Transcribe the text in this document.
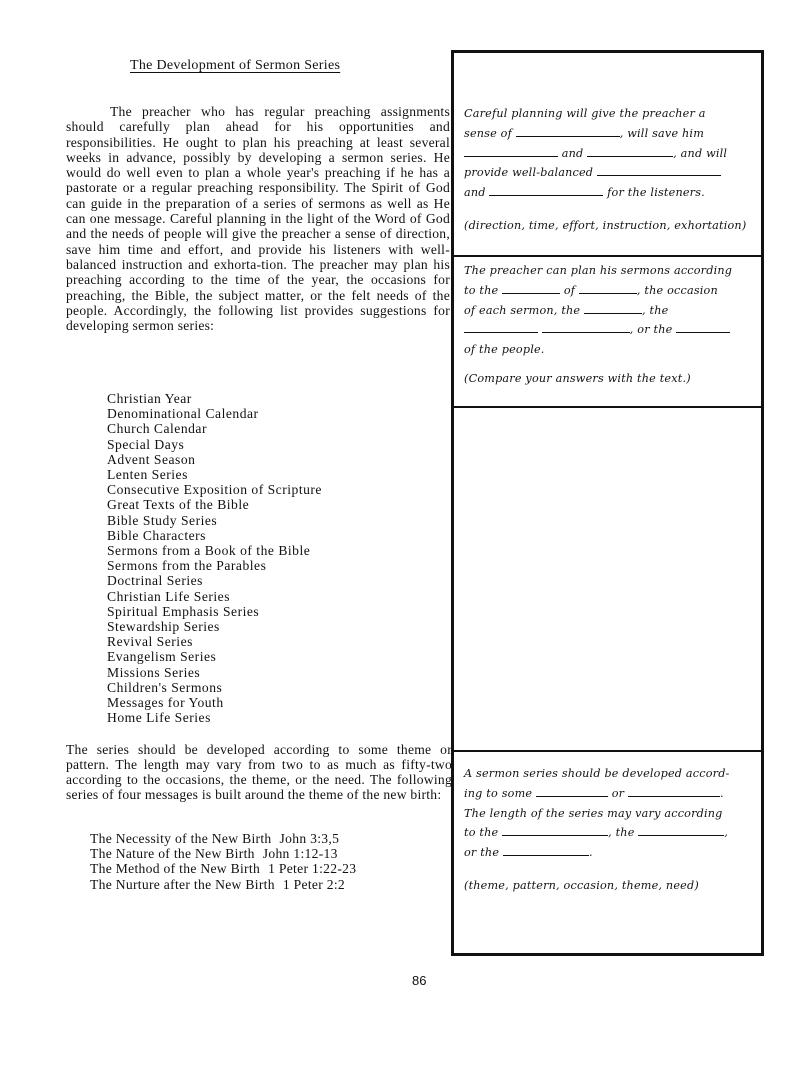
The Development of Sermon Series

The preacher who has regular preaching assignments should carefully plan ahead for his opportunities and responsibilities. He ought to plan his preaching at least several weeks in advance, possibly by developing a sermon series. He would do well even to plan a whole year's preaching if he has a pastorate or a regular preaching responsibility. The Spirit of God can guide in the preparation of a series of sermons as well as He can one message. Careful planning in the light of the Word of God and the needs of people will give the preacher a sense of direction, save him time and effort, and provide his listeners with well-balanced instruction and exhorta-tion. The preacher may plan his preaching according to the time of the year, the occasions for preaching, the Bible, the subject matter, or the felt needs of the people. Accordingly, the following list provides suggestions for developing sermon series:

Christian Year
Denominational Calendar
Church Calendar
Special Days
Advent Season
Lenten Series
Consecutive Exposition of Scripture
Great Texts of the Bible
Bible Study Series
Bible Characters
Sermons from a Book of the Bible
Sermons from the Parables
Doctrinal Series
Christian Life Series
Spiritual Emphasis Series
Stewardship Series
Revival Series
Evangelism Series
Missions Series
Children's Sermons
Messages for Youth
Home Life Series

The series should be developed according to some theme or pattern. The length may vary from two to as much as fifty-two according to the occasions, the theme, or the need. The following series of four messages is built around the theme of the new birth:

The Necessity of the New Birth John 3:3,5
The Nature of the New Birth John 1:12-13
The Method of the New Birth 1 Peter 1:22-23
The Nurture after the New Birth 1 Peter 2:2
86
Careful planning will give the preacher a
sense of	, will save him
and	, and will
provide well-balanced
and	for the listeners.
(direction, time, effort, instruction, exhortation)
The preacher can plan his sermons according
to the	of	, the occasion
of each sermon, the	, the
, or the
of the people.
(Compare your answers with the text.)
A sermon series should be developed accord-
ing to some	or	.
The length of the series may vary according
to the	, the	,
or the	.
(theme, pattern, occasion, theme, need)
